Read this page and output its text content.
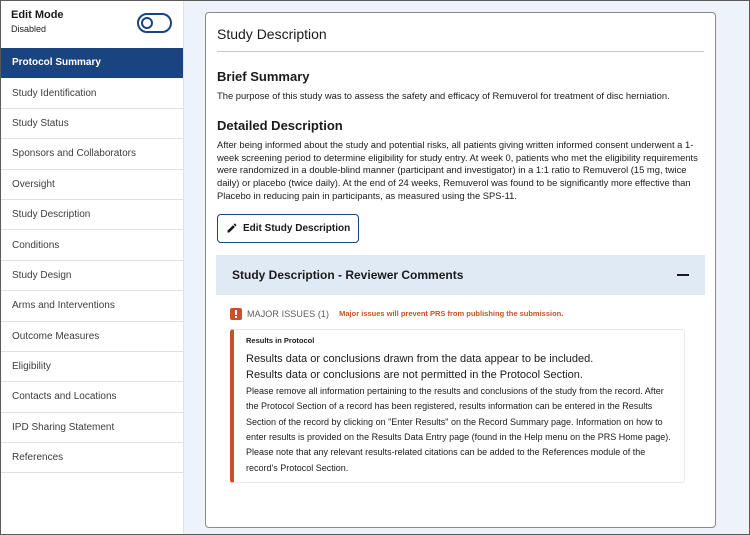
Edit Mode
Disabled
Protocol Summary
Study Identification
Study Status
Sponsors and Collaborators
Oversight
Study Description
Conditions
Study Design
Arms and Interventions
Outcome Measures
Eligibility
Contacts and Locations
IPD Sharing Statement
References
Study Description
Brief Summary
The purpose of this study was to assess the safety and efficacy of Remuverol for treatment of disc herniation.
Detailed Description
After being informed about the study and potential risks, all patients giving written informed consent underwent a 1-week screening period to determine eligibility for study entry. At week 0, patients who met the eligibility requirements were randomized in a double-blind manner (participant and investigator) in a 1:1 ratio to Remuverol (15 mg, twice daily) or placebo (twice daily). At the end of 24 weeks, Remuverol was found to be significantly more effective than Placebo in reducing pain in participants, as measured using the SPS-11.
Edit Study Description
Study Description - Reviewer Comments
MAJOR ISSUES (1) Major issues will prevent PRS from publishing the submission.
Results in Protocol
Results data or conclusions drawn from the data appear to be included.
Results data or conclusions are not permitted in the Protocol Section.
Please remove all information pertaining to the results and conclusions of the study from the record. After the Protocol Section of a record has been registered, results information can be entered in the Results Section of the record by clicking on "Enter Results" on the Record Summary page. Information on how to enter results is provided on the Results Data Entry page (found in the Help menu on the PRS Home page).
Please note that any relevant results-related citations can be added to the References module of the record's Protocol Section.
